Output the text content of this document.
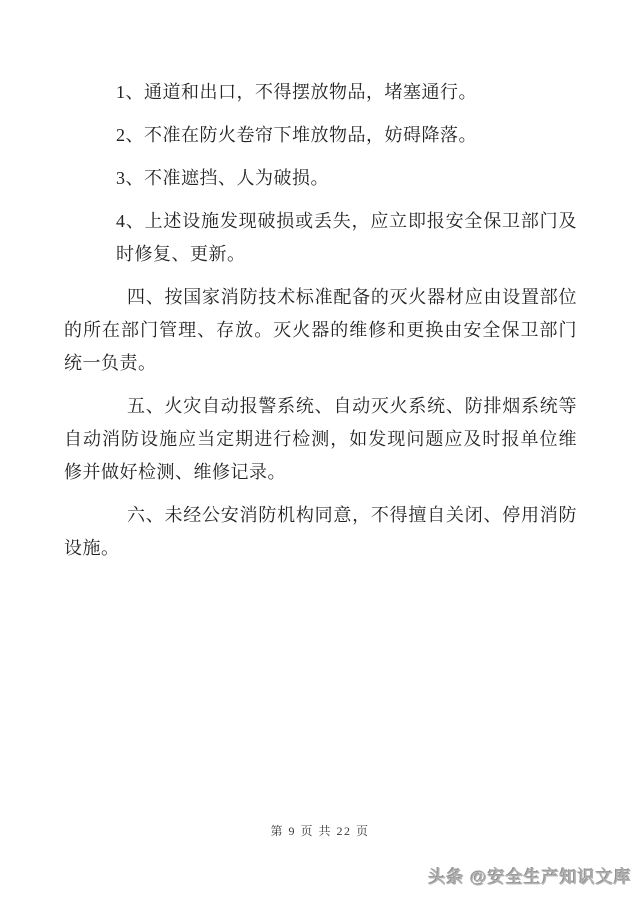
1、通道和出口，不得摆放物品，堵塞通行。

2、不准在防火卷帘下堆放物品，妨碍降落。

3、不准遮挡、人为破损。

4、上述设施发现破损或丢失，应立即报安全保卫部门及时修复、更新。

四、按国家消防技术标准配备的灭火器材应由设置部位的所在部门管理、存放。灭火器的维修和更换由安全保卫部门统一负责。

五、火灾自动报警系统、自动灭火系统、防排烟系统等自动消防设施应当定期进行检测，如发现问题应及时报单位维修并做好检测、维修记录。

六、未经公安消防机构同意，不得擅自关闭、停用消防设施。

第 9 页 共 22 页
头条 @安全生产知识文库
